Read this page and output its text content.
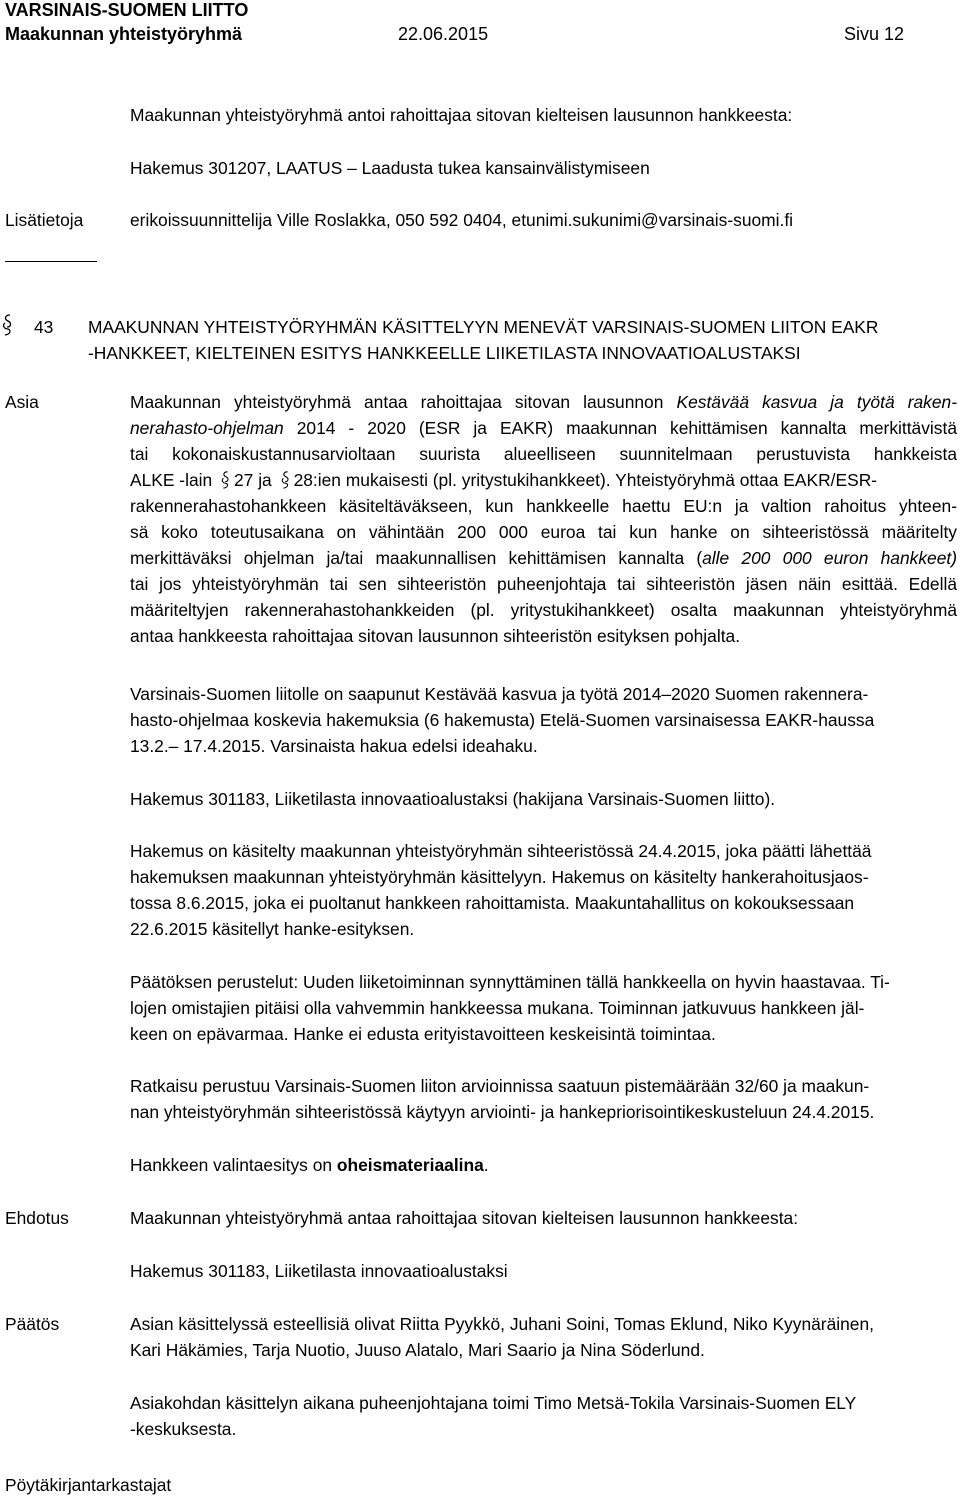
VARSINAIS-SUOMEN LIITTO
Maakunnan yhteistyöryhmä	22.06.2015	Sivu 12
Maakunnan yhteistyöryhmä antoi rahoittajaa sitovan kielteisen lausunnon hankkeesta:
Hakemus 301207, LAATUS – Laadusta tukea kansainvälistymiseen
Lisätietoja	erikoissuunnittelija Ville Roslakka, 050 592 0404, etunimi.sukunimi@varsinais-suomi.fi
43 MAAKUNNAN YHTEISTYÖRYHMÄN KÄSITTELYYN MENEVÄT VARSINAIS-SUOMEN LIITON EAKR
-HANKKEET, KIELTEINEN ESITYS HANKKEELLE LIIKETILASTA INNOVAATIOALUSTAKSI
Asia	Maakunnan yhteistyöryhmä antaa rahoittajaa sitovan lausunnon Kestävää kasvua ja työtä raken-
nerahasto-ohjelman 2014 - 2020 (ESR ja EAKR) maakunnan kehittämisen kannalta merkittävistä
tai kokonaiskustannusarvioltaan suurista alueelliseen suunnitelmaan perustuvista hankkeista
ALKE -lain 27 ja 28:ien mukaisesti (pl. yritystukihankkeet). Yhteistyöryhmä ottaa EAKR/ESR-
rakennerahastohankkeen käsiteltäväkseen, kun hankkeelle haettu EU:n ja valtion rahoitus yhteen-
sä koko toteutusaikana on vähintään 200 000 euroa tai kun hanke on sihteeristössä määritelty
merkittäväksi ohjelman ja/tai maakunnallisen kehittämisen kannalta (alle 200 000 euron hankkeet)
tai jos yhteistyöryhmän tai sen sihteeristön puheenjohtaja tai sihteeristön jäsen näin esittää. Edellä
määriteltyjen rakennerahastohankkeiden (pl. yritystukihankkeet) osalta maakunnan yhteistyöryhmä
antaa hankkeesta rahoittajaa sitovan lausunnon sihteeristön esityksen pohjalta.
Varsinais-Suomen liitolle on saapunut Kestävää kasvua ja työtä 2014–2020 Suomen rakennera-
hasto-ohjelmaa koskevia hakemuksia (6 hakemusta) Etelä-Suomen varsinaisessa EAKR-haussa
13.2.– 17.4.2015. Varsinaista hakua edelsi ideahaku.
Hakemus 301183, Liiketilasta innovaatioalustaksi (hakijana Varsinais-Suomen liitto).
Hakemus on käsitelty maakunnan yhteistyöryhmän sihteeristössä 24.4.2015, joka päätti lähettää
hakemuksen maakunnan yhteistyöryhmän käsittelyyn. Hakemus on käsitelty hankerahoitusjaos-
tossa 8.6.2015, joka ei puoltanut hankkeen rahoittamista. Maakuntahallitus on kokouksessaan
22.6.2015 käsitellyt hanke-esityksen.
Päätöksen perustelut: Uuden liiketoiminnan synnyttäminen tällä hankkeella on hyvin haastavaa. Ti-
lojen omistajien pitäisi olla vahvemmin hankkeessa mukana. Toiminnan jatkuvuus hankkeen jäl-
keen on epävarmaa. Hanke ei edusta erityistavoitteen keskeisintä toimintaa.
Ratkaisu perustuu Varsinais-Suomen liiton arvioinnissa saatuun pistemäärään 32/60 ja maakun-
nan yhteistyöryhmän sihteeristössä käytyyn arviointi- ja hankepriorisointikeskusteluun 24.4.2015.
Hankkeen valintaesitys on oheismateriaalina.
Ehdotus	Maakunnan yhteistyöryhmä antaa rahoittajaa sitovan kielteisen lausunnon hankkeesta:
Hakemus 301183, Liiketilasta innovaatioalustaksi
Päätös	Asian käsittelyssä esteellisiä olivat Riitta Pyykkö, Juhani Soini, Tomas Eklund, Niko Kyynäräinen,
Kari Häkämies, Tarja Nuotio, Juuso Alatalo, Mari Saario ja Nina Söderlund.
Asiakohdan käsittelyn aikana puheenjohtajana toimi Timo Metsä-Tokila Varsinais-Suomen ELY
-keskuksesta.
Pöytäkirjantarkastajat
